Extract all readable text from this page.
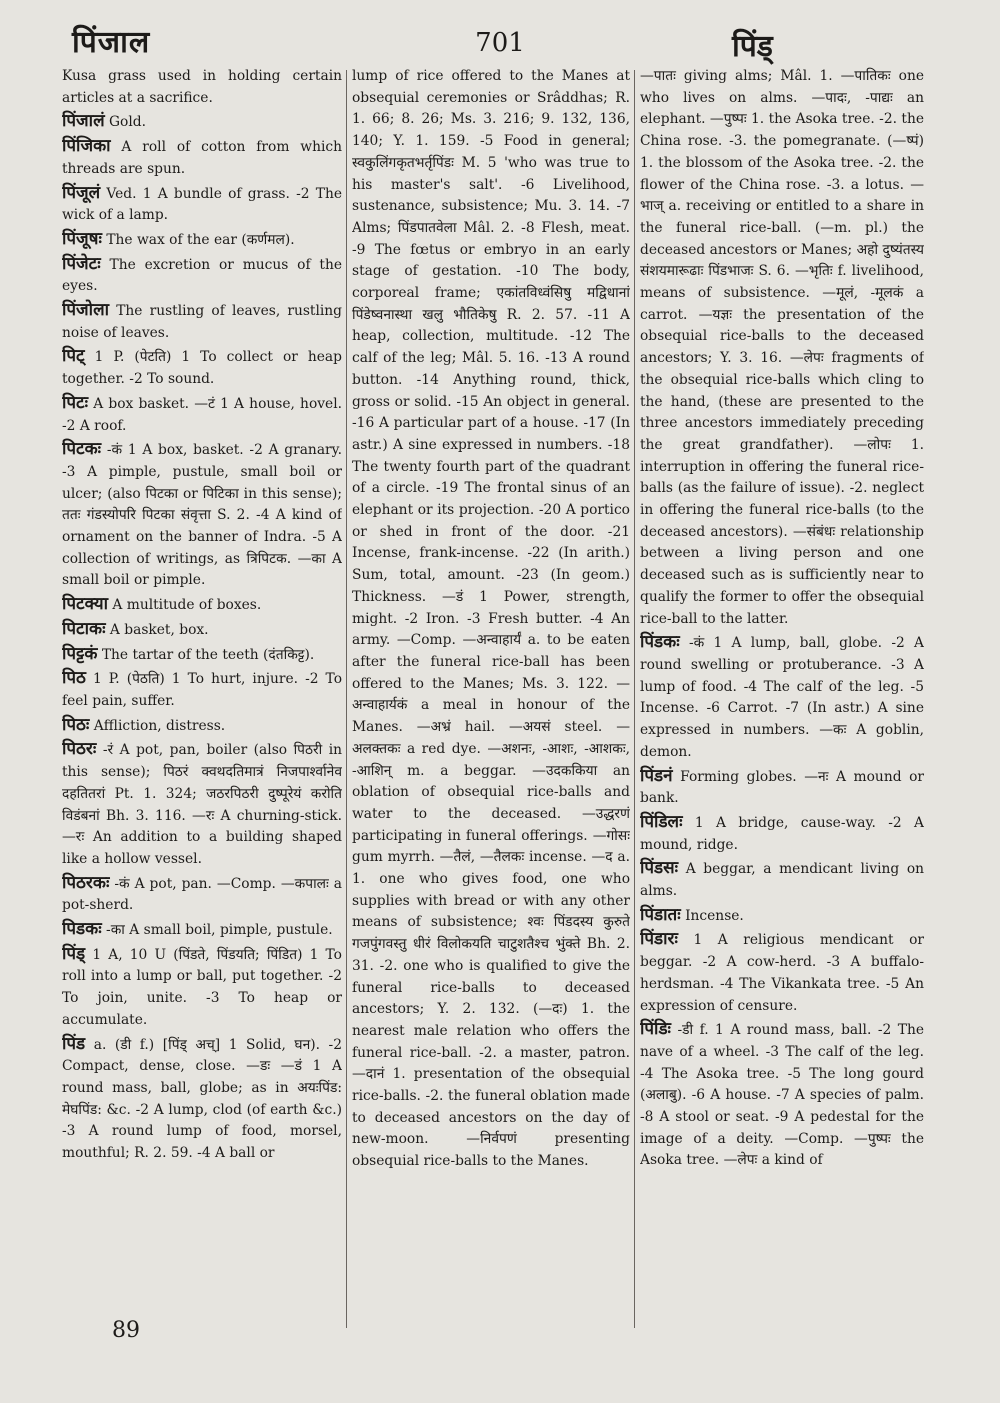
पिंजाल	701	पिंड्

Kusa grass used in holding certain articles at a sacrifice.

पिंजालं Gold.

पिंजिका A roll of cotton from which threads are spun.

पिंजूलं Ved. 1 A bundle of grass. -2 The wick of a lamp.

पिंजूषः The wax of the ear (कर्णमल).

पिंजेटः The excretion or mucus of the eyes.

पिंजोला The rustling of leaves, rustling noise of leaves.

पिट् 1 P. (पेटति) 1 To collect or heap together. -2 To sound.

पिटः A box basket. —टं 1 A house, hovel. -2 A roof.

पिटकः -कं 1 A box, basket. -2 A granary. -3 A pimple, pustule, small boil or ulcer; (also पिटका or पिटिका in this sense); ततः गंडस्योपरि पिटका संवृत्ता S. 2. -4 A kind of ornament on the banner of Indra. -5 A collection of writings, as त्रिपिटक. —का A small boil or pimple.

पिटक्या A multitude of boxes.

पिटाकः A basket, box.

पिट्टकं The tartar of the teeth (दंतकिट्ट).

पिठ 1 P. (पेठति) 1 To hurt, injure. -2 To feel pain, suffer.

पिठः Affliction, distress.

पिठरः -रं A pot, pan, boiler (also पिठरी in this sense); पिठरं क्वथदतिमात्रं निजपार्श्वानेव दहतितरां Pt. 1. 324; जठरपिठरी दुष्पूरेयं करोति विडंबनां Bh. 3. 116. —रः A churning-stick. —रः An addition to a building shaped like a hollow vessel.

पिठरकः -कं A pot, pan. —Comp. —कपालः a pot-sherd.

पिडकः -का A small boil, pimple, pustule.

पिंड् 1 A, 10 U (पिंडते, पिंडयति; पिंडित) 1 To roll into a lump or ball, put together. -2 To join, unite. -3 To heap or accumulate.

पिंड a. (डी f.) [पिंड् अच्] 1 Solid, घन). -2 Compact, dense, close. —डः —डं 1 A round mass, ball, globe; as in अयःपिंड: मेघपिंड: &c. -2 A lump, clod (of earth &c.) -3 A round lump of food, morsel, mouthful; R. 2. 59. -4 A ball or

lump of rice offered to the Manes at obsequial ceremonies or Srâddhas; R. 1. 66; 8. 26; Ms. 3. 216; 9. 132, 136, 140; Y. 1. 159. -5 Food in general; स्वकुलिंगकृतभर्तृपिंडः M. 5 'who was true to his master's salt'. -6 Livelihood, sustenance, subsistence; Mu. 3. 14. -7 Alms; पिंडपातवेला Mâl. 2. -8 Flesh, meat. -9 The fœtus or embryo in an early stage of gestation. -10 The body, corporeal frame; एकांतविध्वंसिषु मद्विधानां पिंडेष्वनास्था खलु भौतिकेषु R. 2. 57. -11 A heap, collection, multitude. -12 The calf of the leg; Mâl. 5. 16. -13 A round button. -14 Anything round, thick, gross or solid. -15 An object in general. -16 A particular part of a house. -17 (In astr.) A sine expressed in numbers. -18 The twenty fourth part of the quadrant of a circle. -19 The frontal sinus of an elephant or its projection. -20 A portico or shed in front of the door. -21 Incense, frank-incense. -22 (In arith.) Sum, total, amount. -23 (In geom.) Thickness. —डं 1 Power, strength, might. -2 Iron. -3 Fresh butter. -4 An army. —Comp. —अन्वाहार्यं a. to be eaten after the funeral rice-ball has been offered to the Manes; Ms. 3. 122. —अन्वाहार्यकं a meal in honour of the Manes. —अभ्रं hail. —अयसं steel. —अलक्तकः a red dye. —अशनः, -आशः, -आशकः, -आशिन् m. a beggar. —उदककिया an oblation of obsequial rice-balls and water to the deceased. —उद्धरणं participating in funeral offerings. —गोसः gum myrrh. —तैलं, —तैलकः incense. —द a. 1. one who gives food, one who supplies with bread or with any other means of subsistence; श्वः पिंडदस्य कुरुते गजपुंगवस्तु धीरं विलोकयति चाटुशतैश्च भुंक्ते Bh. 2. 31. -2. one who is qualified to give the funeral rice-balls to deceased ancestors; Y. 2. 132. (—दः) 1. the nearest male relation who offers the funeral rice-ball. -2. a master, patron. —दानं 1. presentation of the obsequial rice-balls. -2. the funeral oblation made to deceased ancestors on the day of new-moon. —निर्वपणं presenting obsequial rice-balls to the Manes.

—पातः giving alms; Mâl. 1. —पातिकः one who lives on alms. —पादः, -पाद्यः an elephant. —पुष्पः 1. the Asoka tree. -2. the China rose. -3. the pomegranate. (—ष्पं) 1. the blossom of the Asoka tree. -2. the flower of the China rose. -3. a lotus. —भाज् a. receiving or entitled to a share in the funeral rice-ball. (—m. pl.) the deceased ancestors or Manes; अहो दुष्यंतस्य संशयमारूढाः पिंडभाजः S. 6. —भृतिः f. livelihood, means of subsistence. —मूलं, -मूलकं a carrot. —यज्ञः the presentation of the obsequial rice-balls to the deceased ancestors; Y. 3. 16. —लेपः fragments of the obsequial rice-balls which cling to the hand, (these are presented to the three ancestors immediately preceding the great grandfather). —लोपः 1. interruption in offering the funeral rice-balls (as the failure of issue). -2. neglect in offering the funeral rice-balls (to the deceased ancestors). —संबंधः relationship between a living person and one deceased such as is sufficiently near to qualify the former to offer the obsequial rice-ball to the latter.

पिंडकः -कं 1 A lump, ball, globe. -2 A round swelling or protuberance. -3 A lump of food. -4 The calf of the leg. -5 Incense. -6 Carrot. -7 (In astr.) A sine expressed in numbers. —कः A goblin, demon.

पिंडनं Forming globes. —नः A mound or bank.

पिंडिलः 1 A bridge, cause-way. -2 A mound, ridge.

पिंडसः A beggar, a mendicant living on alms.

पिंडातः Incense.

पिंडारः 1 A religious mendicant or beggar. -2 A cow-herd. -3 A buffalo-herdsman. -4 The Vikankata tree. -5 An expression of censure.

पिंडिः -डी f. 1 A round mass, ball. -2 The nave of a wheel. -3 The calf of the leg. -4 The Asoka tree. -5 The long gourd (अलाबु). -6 A house. -7 A species of palm. -8 A stool or seat. -9 A pedestal for the image of a deity. —Comp. —पुष्पः the Asoka tree. —लेपः a kind of

89
